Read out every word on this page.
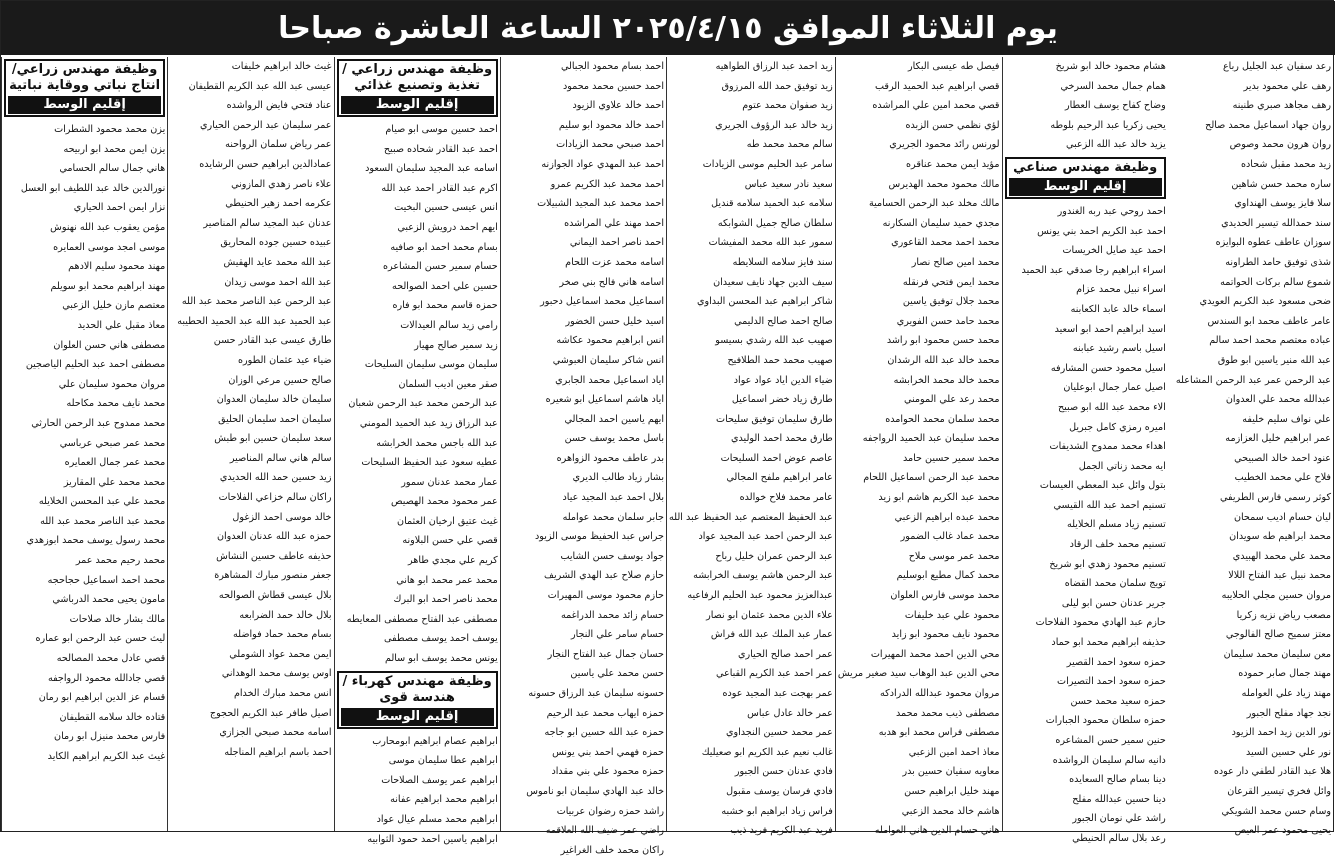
يوم الثلاثاء الموافق ٢٠٢٥/٤/١٥ الساعة العاشرة صباحا
وظيفة مهندس زراعي/انتاج نباتي ووقاية نباتية
إقليم الوسط
يزن محمد محمود الشطرات
يزن ايمن محمد ابو اربيحه
هاني جمال سالم الحسامي
نورالدين خالد عبد اللطيف ابو العسل
نزار ايمن احمد الحياري
مؤمن يعقوب عبد الله نهنوش
موسى امجد موسى العمايره
مهند محمود سليم الادهم
مهند ابراهيم محمد ابو سويلم
معتصم مازن خليل الزعبي
معاذ مقبل علي الحديد
مصطفى هاني حسن العلوان
مصطفى احمد عبد الحليم الياصجين
مروان محمود سليمان علي
محمد نايف محمد مكاحله
محمد ممدوح عبد الرحمن الحارثي
محمد عمر صبحي عرباسي
محمد عمر جمال العمايره
محمد محمد علي المقاريز
محمد علي عبد المحسن الخلايله
محمد عبد الناصر محمد عبد الله
محمد رسول يوسف محمد ابوزهدي
محمد رحيم محمد عمر
محمد احمد اسماعيل حجاحجه
مامون يحيى محمد الدرباشي
مالك بشار خالد صلاحات
ليث حسن عبد الرحمن ابو عماره
قصي عادل محمد المصالحه
قصي جادالله محمود الرواجفه
قسام عز الدين ابراهيم ابو رمان
قتاده خالد سلامه القطيفان
فارس محمد منيزل ابو رمان
غيث عبد الكريم ابراهيم الكايد
غيث خالد ابراهيم خليفات
عيسى عبد الله عبد الكريم القطيفان
عناد فتحي فايض الرواشده
عمر سليمان عبد الرحمن الحياري
عمر رياض سلمان الرواحنه
عمادالدين ابراهيم حسن الرشايده
علاء ناصر زهدي المازوني
عكرمه احمد زهير الحنيطي
عدنان عبد المجيد سالم المناصير
عبيده حسين جوده المحاريق
عبد الله محمد عايد الهقيش
عبد الله احمد موسى زيدان
عبد الرحمن عبد الناصر محمد عبد الله
عبد الحميد عبد الله عبد الحميد الحطيبه
طارق عيسى عبد القادر حسن
ضياء عيد عثمان الطوره
صالح حسين مرعي الوزان
سليمان خالد سليمان العدوان
سليمان احمد سليمان الحليق
سعد سليمان حسين ابو طبش
سالم هاني سالم المناصير
زيد حسين حمد الله الحديدي
راكان سالم خزاعي الفلاحات
خالد موسى احمد الزغول
حمزه عبد الله عدنان العدوان
حذيفه عاطف حسين النشاش
جعفر منصور مبارك المشاهرة
بلال عيسى قطاش الصوالحه
بلال خالد حمد الضرابعه
بسام محمد حماد فواضله
ايمن محمد عواد الشوملي
اوس يوسف محمد الوهداني
انس محمد مبارك الخدام
اصيل طافر عبد الكريم الحجوج
اسامه محمد صبحي الجزازي
احمد باسم ابراهيم المناجله
وظيفة مهندس زراعي / تغذية وتصنيع غذائي
إقليم الوسط
احمد حسين موسى ابو صيام
احمد عبد القادر شحاده صبيح
اسامه عبد المجيد سليمان السعود
اكرم عبد القادر احمد عبد الله
انس عيسى حسين البخيت
ايهم احمد درويش الزعبي
بسام محمد احمد ابو صافيه
حسام سمير حسن المشاعره
حسين علي احمد الصوالحه
حمزه قاسم محمد ابو فاره
رامي زيد سالم العيدالات
زيد سمير صالح مهيار
سليمان موسى سليمان السليحات
صقر معين اديب السلمان
عبد الرحمن محمد عبد الرحمن شعبان
عبد الرزاق زيد عبد الحميد المومني
عبد الله باجس محمد الخرابشه
عطيه سعود عبد الحفيظ السليحات
عمار محمد عدنان سمور
عمر محمود محمد الهصيص
غيث عتيق ارخيان العثمان
قصي علي حسن البلاونه
كريم علي مجدي طاهر
محمد عمر محمد ابو هاني
محمد ناصر احمد ابو البرك
مصطفى عبد الفتاح مصطفى المعايطه
يوسف احمد يوسف مصطفى
يونس محمد يوسف ابو سالم
وظيفة مهندس كهرباء / هندسة قوى
إقليم الوسط
ابراهيم عصام ابراهيم ابومحارب
ابراهيم عطا سليمان موسى
ابراهيم عمر يوسف الصلاحات
ابراهيم محمد ابراهيم عفانه
ابراهيم محمد مسلم عيال عواد
ابراهيم ياسين احمد حمود الثوابيه
احمد بسام محمود الجبالي
احمد حسين محمد محمود
احمد خالد علاوي الزيود
احمد خالد محمود ابو سليم
احمد صبحي محمد الزيادات
احمد عبد المهدي عواد الجوازنه
احمد محمد عبد الكريم عمرو
احمد محمد عبد المجيد الشبيلات
احمد مهند علي المراشده
احمد ناصر احمد اليماني
اسامه محمد عزت اللحام
اسامه هاني فالح بني صخر
اسماعيل محمد اسماعيل دحبور
اسيد خليل حسن الخضور
انس ابراهيم محمود عكاشه
انس شاكر سليمان العبوشي
اياد اسماعيل محمد الجابري
اياد هاشم اسماعيل ابو شعيره
ايهم ياسين احمد المجالي
باسل محمد يوسف حسن
بدر عاطف محمود الزواهره
بشار زياد طالب الديري
بلال احمد عبد المجيد عياد
جابر سلمان محمد عوامله
جراس عبد الحفيظ موسى الزيود
جواد يوسف حسن الشايب
حازم صلاح عبد الهدي الشريف
حازم محمود موسى المهيرات
حسام زائد محمد الدراغمه
حسام سامر علي النجار
حسان جمال عبد الفتاح النجار
حسن محمد علي ياسين
حسونه سليمان عبد الرزاق حسونه
حمزه ايهاب محمد عبد الرحيم
حمزه عبد الله حسين ابو جاجه
حمزه فهمي احمد بني يونس
حمزه محمود علي بني مقداد
خالد عبد الهادي سليمان ابو ناموس
راشد حمزه رضوان عربيات
راضي عمر ضيف الله العلاقمه
راكان محمد خلف الغراغير
زيد احمد عبد الرزاق الطواهيه
زيد توفيق حمد الله المرزوق
زيد صفوان محمد عتوم
زيد خالد عبد الرؤوف الجريري
سالم محمد محمد طه
سامر عبد الحليم موسى الزيادات
سعيد نادر سعيد عباس
سلامه عبد الحميد سلامه قنديل
سلطان صالح جميل الشوابكه
سمور عبد الله محمد المفيشات
سند فايز سلامه السلايطه
سيف الدين جهاد نايف سعيدان
شاكر ابراهيم عبد المحسن البداوي
صالح احمد صالح الدليمي
صهيب عبد الله رشدي بسيسو
صهيب محمد حمد الطلافيح
ضياء الدين اياد عواد عواد
طارق زياد خضر اسماعيل
طارق سليمان توفيق سليحات
طارق محمد احمد الوليدي
عاصم عوض احمد السليحات
عامر ابراهيم ملفح المجالي
عامر محمد فلاح خوالده
عبد الحفيظ المعتصم عبد الحفيظ عبد الله
عبد الرحمن احمد عبد المجيد عواد
عبد الرحمن عمران خليل رباح
عبد الرحمن هاشم يوسف الخرابشه
عبدالعزيز محمود عبد الحليم الرفاعيه
علاء الدين محمد عثمان ابو نصار
عمار عبد الملك عبد الله فراش
عمر احمد صالح الحياري
عمر احمد عبد الكريم القباعي
عمر بهجت عبد المجيد عوده
عمر خالد عادل عباس
عمر محمد حسين النجداوي
غالب نعيم عبد الكريم ابو صعيليك
فادي عدنان حسن الجبور
فادي فرسان يوسف مقبول
فراس زياد ابراهيم ابو خشبه
فريد عبد الكريم فريد ذيب
فيصل طه عيسى البكار
قصي ابراهيم عبد الحميد الرقب
قصي محمد امين علي المراشده
لؤي نظمي حسن الزبده
لورنس رائد محمود الجريري
مؤيد ايمن محمد عناقره
مالك محمود محمد الهديرس
مالك مخلد عبد الرحمن الحسامية
مجدي حميد سليمان السكارنه
محمد احمد محمد القاعوري
محمد امين صالح نصار
محمد ايمن فتحي فرنقله
محمد جلال توفيق ياسين
محمد حامد حسن الفويري
محمد حسن محمود ابو راشد
محمد خالد عبد الله الرشدان
محمد خالد محمد الخرابشه
محمد رعد علي المومني
محمد سلمان محمد الحوامده
محمد سليمان عبد الحميد الرواجفه
محمد سمير حسين حامد
محمد عبد الرحمن اسماعيل اللحام
محمد عبد الكريم هاشم ابو زيد
محمد عبده ابراهيم الزعبي
محمد عماد غالب الضمور
محمد عمر موسى ملاح
محمد كمال مطيع ابوسليم
محمد موسى فارس العلوان
محمود علي عبد خليفات
محمود نايف محمود ابو زايد
محي الدين احمد محمد المهيرات
محي الدين عبد الوهاب سيد صغير مريش
مروان محمود عبدالله الدرادكه
مصطفى ذيب محمد محمد
مصطفى فراس محمد ابو هدبه
معاذ احمد امين الزعبي
معاويه سفيان حسين بدر
مهند خليل ابراهيم حسن
هاشم خالد محمد الزعبي
هاني حسام الدين هاني العوامله
هشام محمود خالد ابو شريخ
همام جمال محمد السرخي
وضاح كفاح يوسف العطار
يحيى زكريا عبد الرحيم بلوطه
يزيد خالد عبد الله الزعبي
وظيفة مهندس صناعي
إقليم الوسط
احمد روحي عبد ربه الغندور
احمد عبد الكريم احمد بني يونس
احمد عيد صايل الخريسات
اسراء ابراهيم رجا صدقي عبد الحميد
اسراء نبيل محمد عزام
اسماء خالد عابد الكعابنه
اسيد ابراهيم احمد ابو اسعيد
اسيل باسم رشيد عبابنه
اسيل محمود حسن المشارفه
اصيل عمار جمال ابوعليان
الاء محمد عبد الله ابو صبيح
اميره رمزي كامل جبريل
اهداء محمد ممدوح الشديفات
ايه محمد زناتي الجمل
بتول وائل عبد المعطي العيسات
تسنيم احمد عبد الله القيسي
تسنيم زياد مسلم الخلايله
تسنيم محمد خلف الرقاد
تسنيم محمود زهدي ابو شريخ
تويج سلمان محمد القضاه
جرير عدنان حسن ابو ليلى
حازم عبد الهادي محمود الفلاحات
حذيفه ابراهيم محمد ابو حماد
حمزه سعود احمد القصير
حمزه سعود احمد التصيرات
حمزه سعيد محمد حسن
حمزه سلطان محمود الجبارات
حنين سمير حسن المشاعره
دانيه سالم سليمان الرواشده
دينا بسام صالح السعايده
دينا حسين عبدالله مفلح
راشد علي نومان الجبور
رعد بلال سالم الحنيطي
رعد سفيان عبد الجليل رباع
رهف علي محمود بدير
رهف مجاهد صبري طنينه
روان جهاد اسماعيل محمد صالح
روان هرون محمد وصوص
زيد محمد مقبل شحاده
ساره محمد حسن شاهين
سلا فايز يوسف الهنداوي
سند حمدالله تيسير الحديدي
سوزان عاطف عطوه البوايزه
شذى توفيق حامد الطراونه
شموع سالم بركات الحواتمه
ضحى مسعود عبد الكريم العويدي
عامر عاطف محمد ابو السندس
عباده معتصم محمد احمد سالم
عبد الله منير ياسين ابو طوق
عبد الرحمن عمر عبد الرحمن المشاعله
عبدالله محمد علي العدوان
علي نواف سليم خليفه
عمر ابراهيم خليل العزازمه
عنود احمد خالد الصبيحي
فلاح علي محمد الخطيب
كوثر رسمي فارس الطريفي
ليان حسام اديب سمحان
محمد ابراهيم طه سويدان
محمد علي محمد الهبيدي
محمد نبيل عبد الفتاح اللالا
مروان حسين مجلي الحلايبه
مصعب رياض نزيه زكريا
معتز سميح صالح الفالوجي
معن سليمان محمد سليمان
مهند جمال صابر حموده
مهند زياد علي العوامله
نجد جهاد مفلح الجبور
نور الدين زيد احمد الزيود
نور علي حسين السيد
هلا عبد القادر لطفي دار عوده
وائل فخري تيسير القرعان
وسام حسن محمد الشويكي
يحيى محمود عمر العيص
